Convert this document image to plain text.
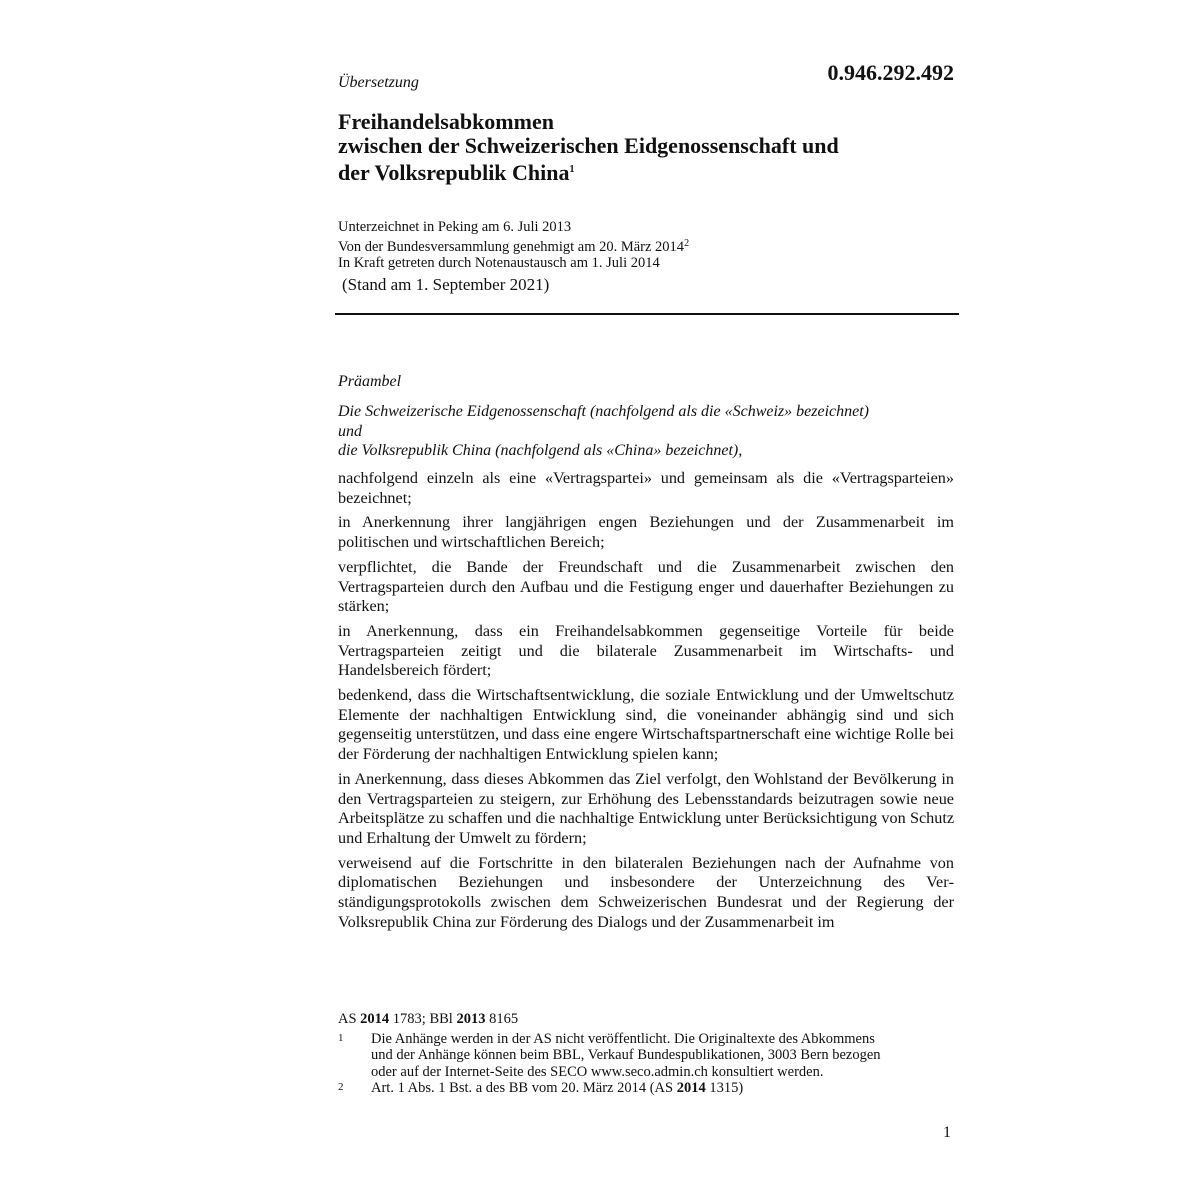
Übersetzung	0.946.292.492
Freihandelsabkommen
zwischen der Schweizerischen Eidgenossenschaft und
der Volksrepublik China$^1$
Unterzeichnet in Peking am 6. Juli 2013
Von der Bundesversammlung genehmigt am 20. März 2014$^2$
In Kraft getreten durch Notenaustausch am 1. Juli 2014
(Stand am 1. September 2021)
Präambel
Die Schweizerische Eidgenossenschaft (nachfolgend als die «Schweiz» bezeichnet)
und
die Volksrepublik China (nachfolgend als «China» bezeichnet),

nachfolgend einzeln als eine «Vertragspartei» und gemeinsam als die «Vertragsparteien» bezeichnet;

in Anerkennung ihrer langjährigen engen Beziehungen und der Zusammenarbeit im politischen und wirtschaftlichen Bereich;

verpflichtet, die Bande der Freundschaft und die Zusammenarbeit zwischen den Vertragsparteien durch den Aufbau und die Festigung enger und dauerhafter Beziehungen zu stärken;

in Anerkennung, dass ein Freihandelsabkommen gegenseitige Vorteile für beide Vertragsparteien zeitigt und die bilaterale Zusammenarbeit im Wirtschafts- und Handelsbereich fördert;

bedenkend, dass die Wirtschaftsentwicklung, die soziale Entwicklung und der Umweltschutz Elemente der nachhaltigen Entwicklung sind, die voneinander abhängig sind und sich gegenseitig unterstützen, und dass eine engere Wirtschaftspartnerschaft eine wichtige Rolle bei der Förderung der nachhaltigen Entwicklung spielen kann;

in Anerkennung, dass dieses Abkommen das Ziel verfolgt, den Wohlstand der Bevölkerung in den Vertragsparteien zu steigern, zur Erhöhung des Lebensstandards beizutragen sowie neue Arbeitsplätze zu schaffen und die nachhaltige Entwicklung unter Berücksichtigung von Schutz und Erhaltung der Umwelt zu fördern;

verweisend auf die Fortschritte in den bilateralen Beziehungen nach der Aufnahme von diplomatischen Beziehungen und insbesondere der Unterzeichnung des Verständigungsprotokolls zwischen dem Schweizerischen Bundesrat und der Regierung der Volksrepublik China zur Förderung des Dialogs und der Zusammenarbeit im

AS 2014 1783; BBl 2013 8165
1	Die Anhänge werden in der AS nicht veröffentlicht. Die Originaltexte des Abkommens
und der Anhänge können beim BBL, Verkauf Bundespublikationen, 3003 Bern bezogen
oder auf der Internet-Seite des SECO www.seco.admin.ch konsultiert werden.
2	Art. 1 Abs. 1 Bst. a des BB vom 20. März 2014 (AS 2014 1315)
1
